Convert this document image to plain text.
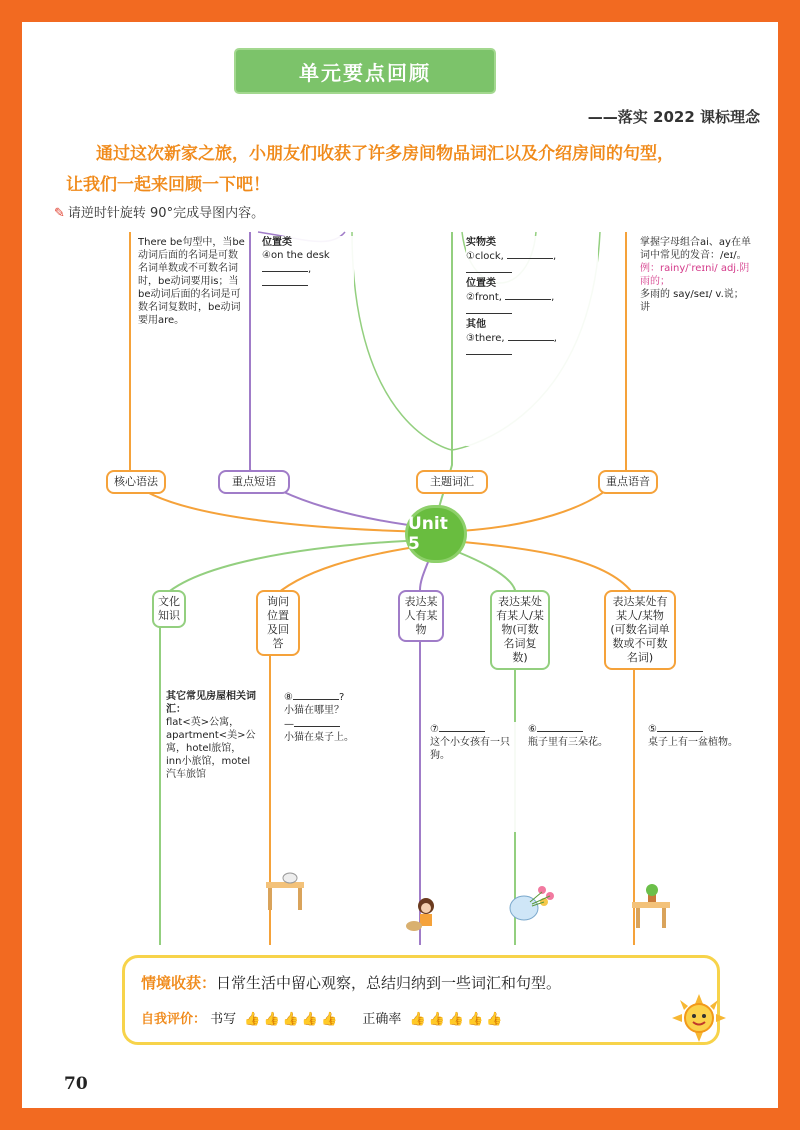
单元要点回顾
——落实 2022 课标理念
通过这次新家之旅，小朋友们收获了许多房间物品词汇以及介绍房间的句型，
让我们一起来回顾一下吧！
✎ 请逆时针旋转 90°完成导图内容。
Unit 5
重点语音
主题词汇
重点短语
核心语法
掌握字母组合ai、ay在单词中常见的发音：/eɪ/。
例：rainy/ˈreɪni/ adj.阴雨的；
多雨的 say/seɪ/ v.说；讲
实物类
①clock,	,
位置类
②front,	,
其他
③there,	,
位置类
④on the desk
,
There be句型中，当be动词后面的名词是可数名词单数或不可数名词时，be动词要用is；当be动词后面的名词是可数名词复数时，be动词要用are。
表达某处有某人/某物(可数名词单数或不可数名词)
表达某处有某人/某物(可数名词复数)
表达某人有某物
询问位置及回答
文化知识
⑤
桌子上有一盆植物。
⑥
瓶子里有三朵花。
⑦
这个小女孩有一只狗。
⑧	?
小猫在哪里？
—
小猫在桌子上。
其它常见房屋相关词汇：
flat<英>公寓，apartment<美>公寓，hotel旅馆，inn小旅馆，motel汽车旅馆
情境收获：日常生活中留心观察，总结归纳到一些词汇和句型。
自我评价： 书写 👍👍👍👍👍 正确率 👍👍👍👍👍
70
